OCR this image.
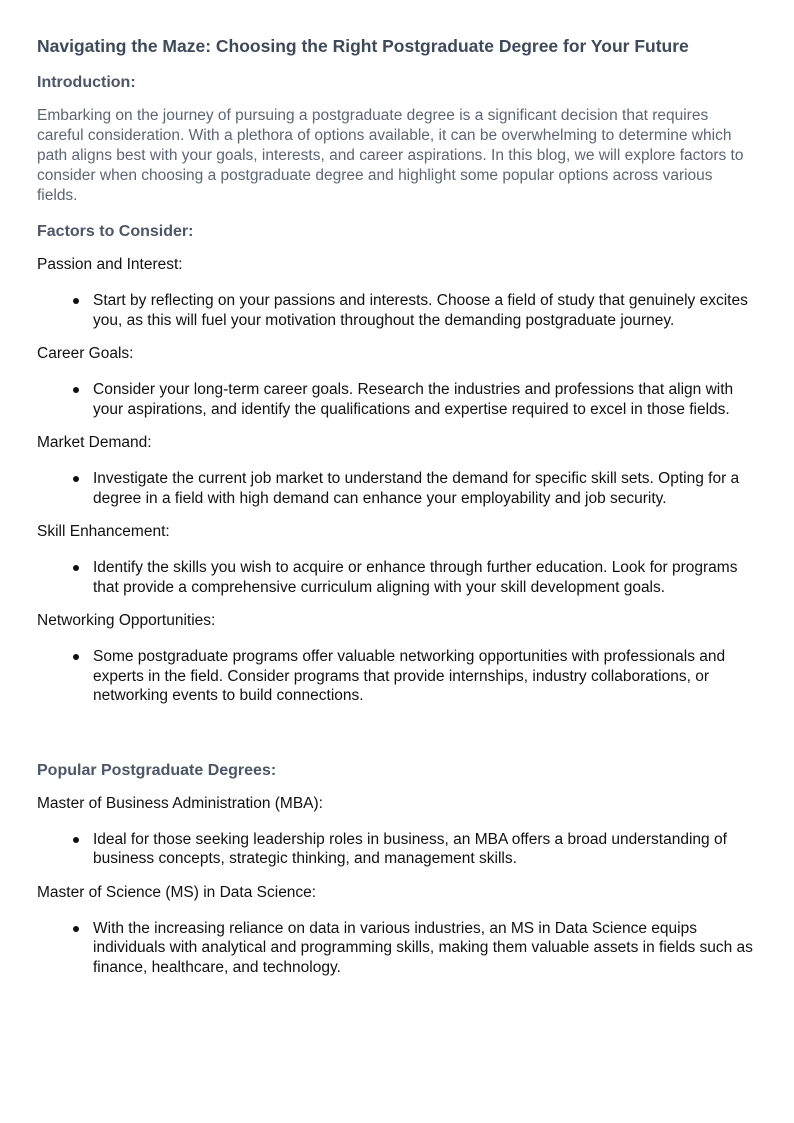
Navigating the Maze: Choosing the Right Postgraduate Degree for Your Future
Introduction:

Embarking on the journey of pursuing a postgraduate degree is a significant decision that requires careful consideration. With a plethora of options available, it can be overwhelming to determine which path aligns best with your goals, interests, and career aspirations. In this blog, we will explore factors to consider when choosing a postgraduate degree and highlight some popular options across various fields.

Factors to Consider:
Passion and Interest:
Start by reflecting on your passions and interests. Choose a field of study that genuinely excites you, as this will fuel your motivation throughout the demanding postgraduate journey.
Career Goals:
Consider your long-term career goals. Research the industries and professions that align with your aspirations, and identify the qualifications and expertise required to excel in those fields.
Market Demand:
Investigate the current job market to understand the demand for specific skill sets. Opting for a degree in a field with high demand can enhance your employability and job security.
Skill Enhancement:
Identify the skills you wish to acquire or enhance through further education. Look for programs that provide a comprehensive curriculum aligning with your skill development goals.
Networking Opportunities:
Some postgraduate programs offer valuable networking opportunities with professionals and experts in the field. Consider programs that provide internships, industry collaborations, or networking events to build connections.
Popular Postgraduate Degrees:
Master of Business Administration (MBA):
Ideal for those seeking leadership roles in business, an MBA offers a broad understanding of business concepts, strategic thinking, and management skills.
Master of Science (MS) in Data Science:
With the increasing reliance on data in various industries, an MS in Data Science equips individuals with analytical and programming skills, making them valuable assets in fields such as finance, healthcare, and technology.
